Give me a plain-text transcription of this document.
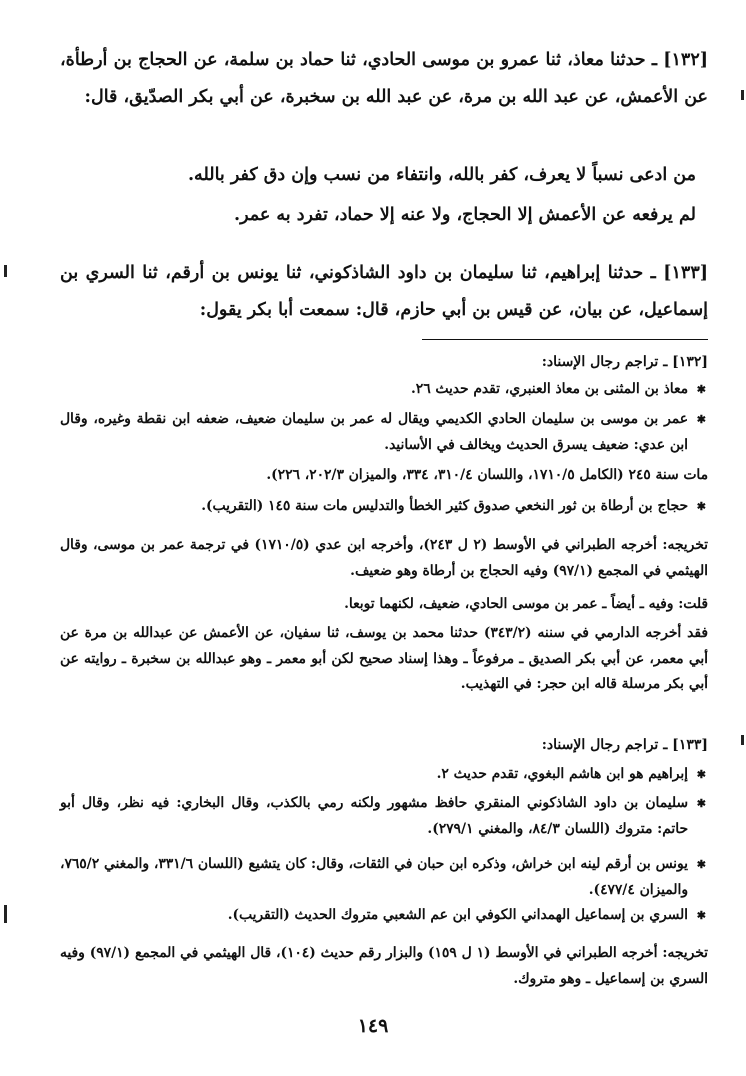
[١٣٢] ـ حدثنا معاذ، ثنا عمرو بن موسى الحادي، ثنا حماد بن سلمة، عن الحجاج بن أرطأة، عن الأعمش، عن عبد الله بن مرة، عن عبد الله بن سخبرة، عن أبي بكر الصدّيق، قال:

من ادعى نسباً لا يعرف، كفر بالله، وانتفاء من نسب وإن دق كفر بالله.

لم يرفعه عن الأعمش إلا الحجاج، ولا عنه إلا حماد، تفرد به عمر.

[١٣٣] ـ حدثنا إبراهيم، ثنا سليمان بن داود الشاذكوني، ثنا يونس بن أرقم، ثنا السري بن إسماعيل، عن بيان، عن قيس بن أبي حازم، قال: سمعت أبا بكر يقول:

[١٣٢] ـ تراجم رجال الإسناد:

✱ معاذ بن المثنى بن معاذ العنبري، تقدم حديث ٢٦.

✱ عمر بن موسى بن سليمان الحادي الكديمي ويقال له عمر بن سليمان ضعيف، ضعفه ابن نقطة وغيره، وقال ابن عدي: ضعيف يسرق الحديث ويخالف في الأسانيد.

مات سنة ٢٤٥ (الكامل ١٧١٠/٥، واللسان ٣١٠/٤، ٣٣٤، والميزان ٢٠٢/٣، ٢٢٦).

✱ حجاج بن أرطاة بن ثور النخعي صدوق كثير الخطأ والتدليس مات سنة ١٤٥ (التقريب).

تخريجه: أخرجه الطبراني في الأوسط (٢ ل ٢٤٣)، وأخرجه ابن عدي (١٧١٠/٥) في ترجمة عمر بن موسى، وقال الهيثمي في المجمع (٩٧/١) وفيه الحجاج بن أرطاة وهو ضعيف.

قلت: وفيه ـ أيضاً ـ عمر بن موسى الحادي، ضعيف، لكنهما توبعا.

فقد أخرجه الدارمي في سننه (٣٤٣/٢) حدثنا محمد بن يوسف، ثنا سفيان، عن الأعمش عن عبدالله بن مرة عن أبي معمر، عن أبي بكر الصديق ـ مرفوعاً ـ وهذا إسناد صحيح لكن أبو معمر ـ وهو عبدالله بن سخبرة ـ روايته عن أبي بكر مرسلة قاله ابن حجر: في التهذيب.

[١٣٣] ـ تراجم رجال الإسناد:

✱ إبراهيم هو ابن هاشم البغوي، تقدم حديث ٢.

✱ سليمان بن داود الشاذكوني المنقري حافظ مشهور ولكنه رمي بالكذب، وقال البخاري: فيه نظر، وقال أبو حاتم: متروك (اللسان ٨٤/٣، والمغني ٢٧٩/١).

✱ يونس بن أرقم لينه ابن خراش، وذكره ابن حبان في الثقات، وقال: كان يتشيع (اللسان ٣٣١/٦، والمغني ٧٦٥/٢، والميزان ٤٧٧/٤).

✱ السري بن إسماعيل الهمداني الكوفي ابن عم الشعبي متروك الحديث (التقريب).

تخريجه: أخرجه الطبراني في الأوسط (١ ل ١٥٩) والبزار رقم حديث (١٠٤)، قال الهيثمي في المجمع (٩٧/١) وفيه السري بن إسماعيل ـ وهو متروك.

١٤٩
